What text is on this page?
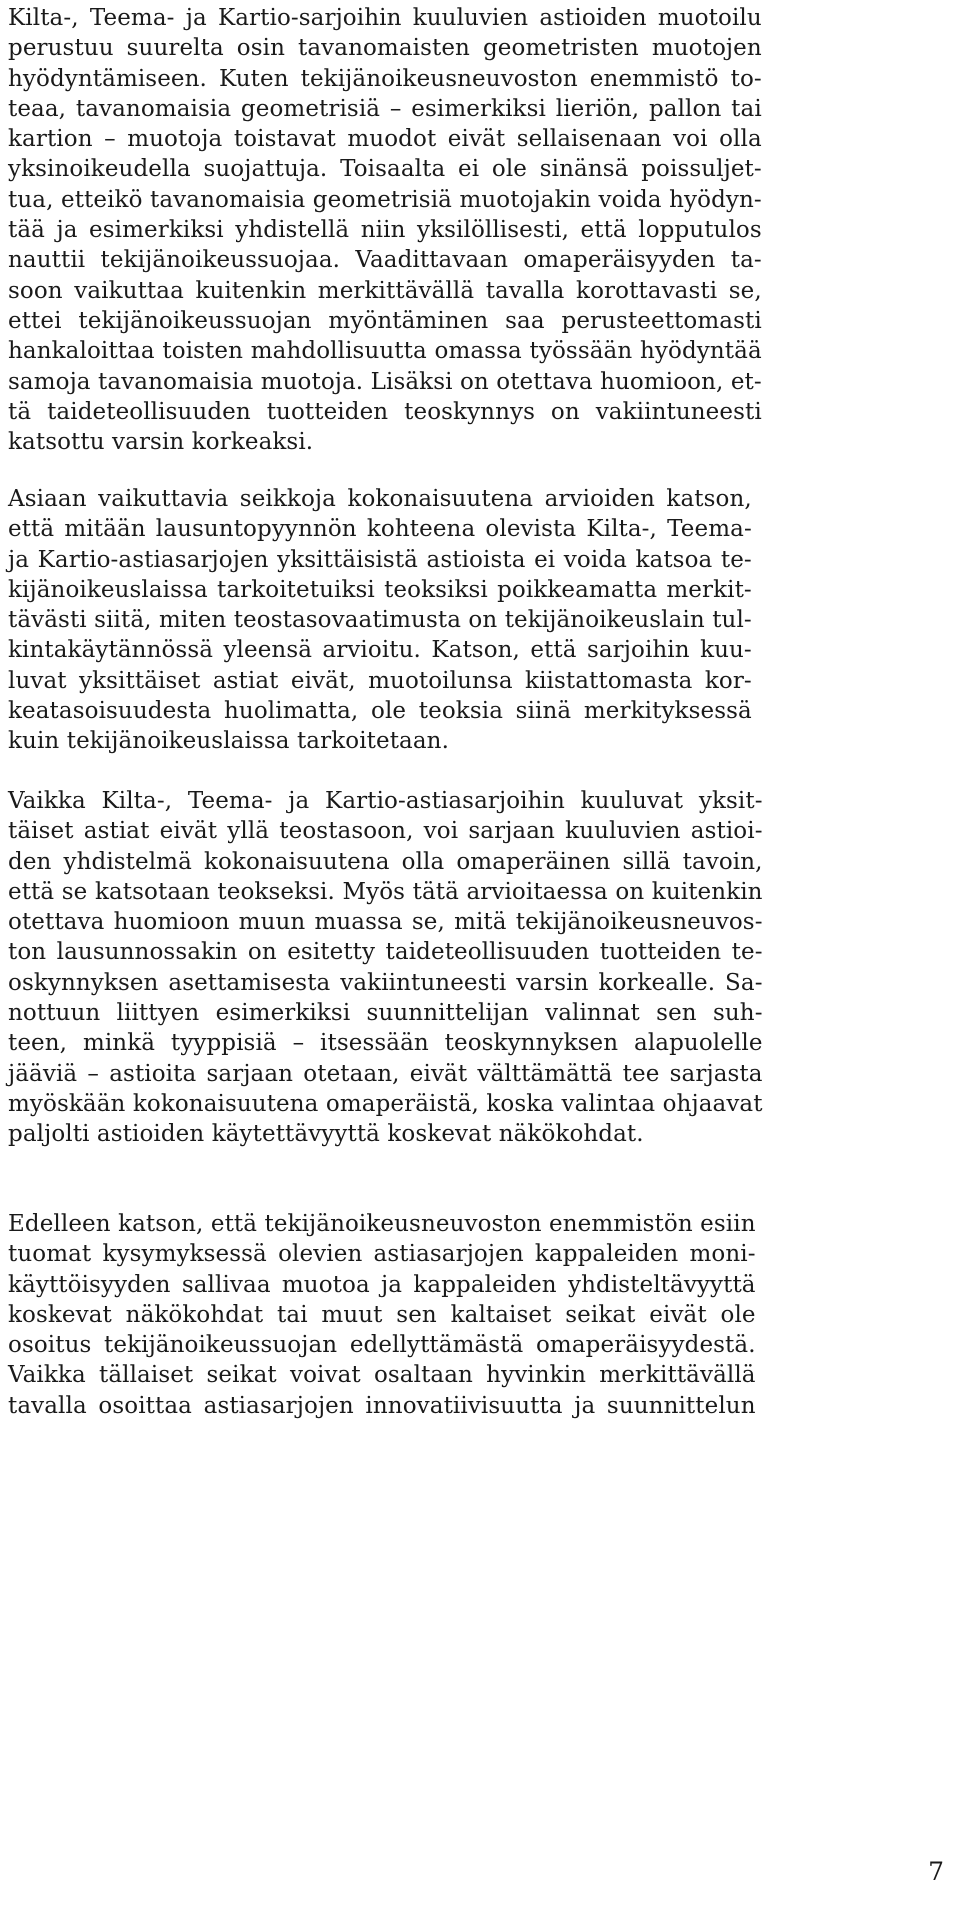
Kilta-, Teema- ja Kartio-sarjoihin kuuluvien astioiden muotoilu
perustuu suurelta osin tavanomaisten geometristen muotojen
hyödyntämiseen. Kuten tekijänoikeusneuvoston enemmistö to-
teaa, tavanomaisia geometrisiä – esimerkiksi lieriön, pallon tai
kartion – muotoja toistavat muodot eivät sellaisenaan voi olla
yksinoikeudella suojattuja. Toisaalta ei ole sinänsä poissuljet-
tua, etteikö tavanomaisia geometrisiä muotojakin voida hyödyn-
tää ja esimerkiksi yhdistellä niin yksilöllisesti, että lopputulos
nauttii tekijänoikeussuojaa. Vaadittavaan omaperäisyyden ta-
soon vaikuttaa kuitenkin merkittävällä tavalla korottavasti se,
ettei tekijänoikeussuojan myöntäminen saa perusteettomasti
hankaloittaa toisten mahdollisuutta omassa työssään hyödyntää
samoja tavanomaisia muotoja. Lisäksi on otettava huomioon, et-
tä taideteollisuuden tuotteiden teoskynnys on vakiintuneesti
katsottu varsin korkeaksi.

Asiaan vaikuttavia seikkoja kokonaisuutena arvioiden katson,
että mitään lausuntopyynnön kohteena olevista Kilta-, Teema-
ja Kartio-astiasarjojen yksittäisistä astioista ei voida katsoa te-
kijänoikeuslaissa tarkoitetuiksi teoksiksi poikkeamatta merkit-
tävästi siitä, miten teostasovaatimusta on tekijänoikeuslain tul-
kintakäytännössä yleensä arvioitu. Katson, että sarjoihin kuu-
luvat yksittäiset astiat eivät, muotoilunsa kiistattomasta kor-
keatasoisuudesta huolimatta, ole teoksia siinä merkityksessä
kuin tekijänoikeuslaissa tarkoitetaan.

Vaikka Kilta-, Teema- ja Kartio-astiasarjoihin kuuluvat yksit-
täiset astiat eivät yllä teostasoon, voi sarjaan kuuluvien astioi-
den yhdistelmä kokonaisuutena olla omaperäinen sillä tavoin,
että se katsotaan teokseksi. Myös tätä arvioitaessa on kuitenkin
otettava huomioon muun muassa se, mitä tekijänoikeusneuvos-
ton lausunnossakin on esitetty taideteollisuuden tuotteiden te-
oskynnyksen asettamisesta vakiintuneesti varsin korkealle. Sa-
nottuun liittyen esimerkiksi suunnittelijan valinnat sen suh-
teen, minkä tyyppisiä – itsessään teoskynnyksen alapuolelle
jääviä – astioita sarjaan otetaan, eivät välttämättä tee sarjasta
myöskään kokonaisuutena omaperäistä, koska valintaa ohjaavat
paljolti astioiden käytettävyyttä koskevat näkökohdat.

Edelleen katson, että tekijänoikeusneuvoston enemmistön esiin
tuomat kysymyksessä olevien astiasarjojen kappaleiden moni-
käyttöisyyden sallivaa muotoa ja kappaleiden yhdisteltävyyttä
koskevat näkökohdat tai muut sen kaltaiset seikat eivät ole
osoitus tekijänoikeussuojan edellyttämästä omaperäisyydestä.
Vaikka tällaiset seikat voivat osaltaan hyvinkin merkittävällä
tavalla osoittaa astiasarjojen innovatiivisuutta ja suunnittelun

7
